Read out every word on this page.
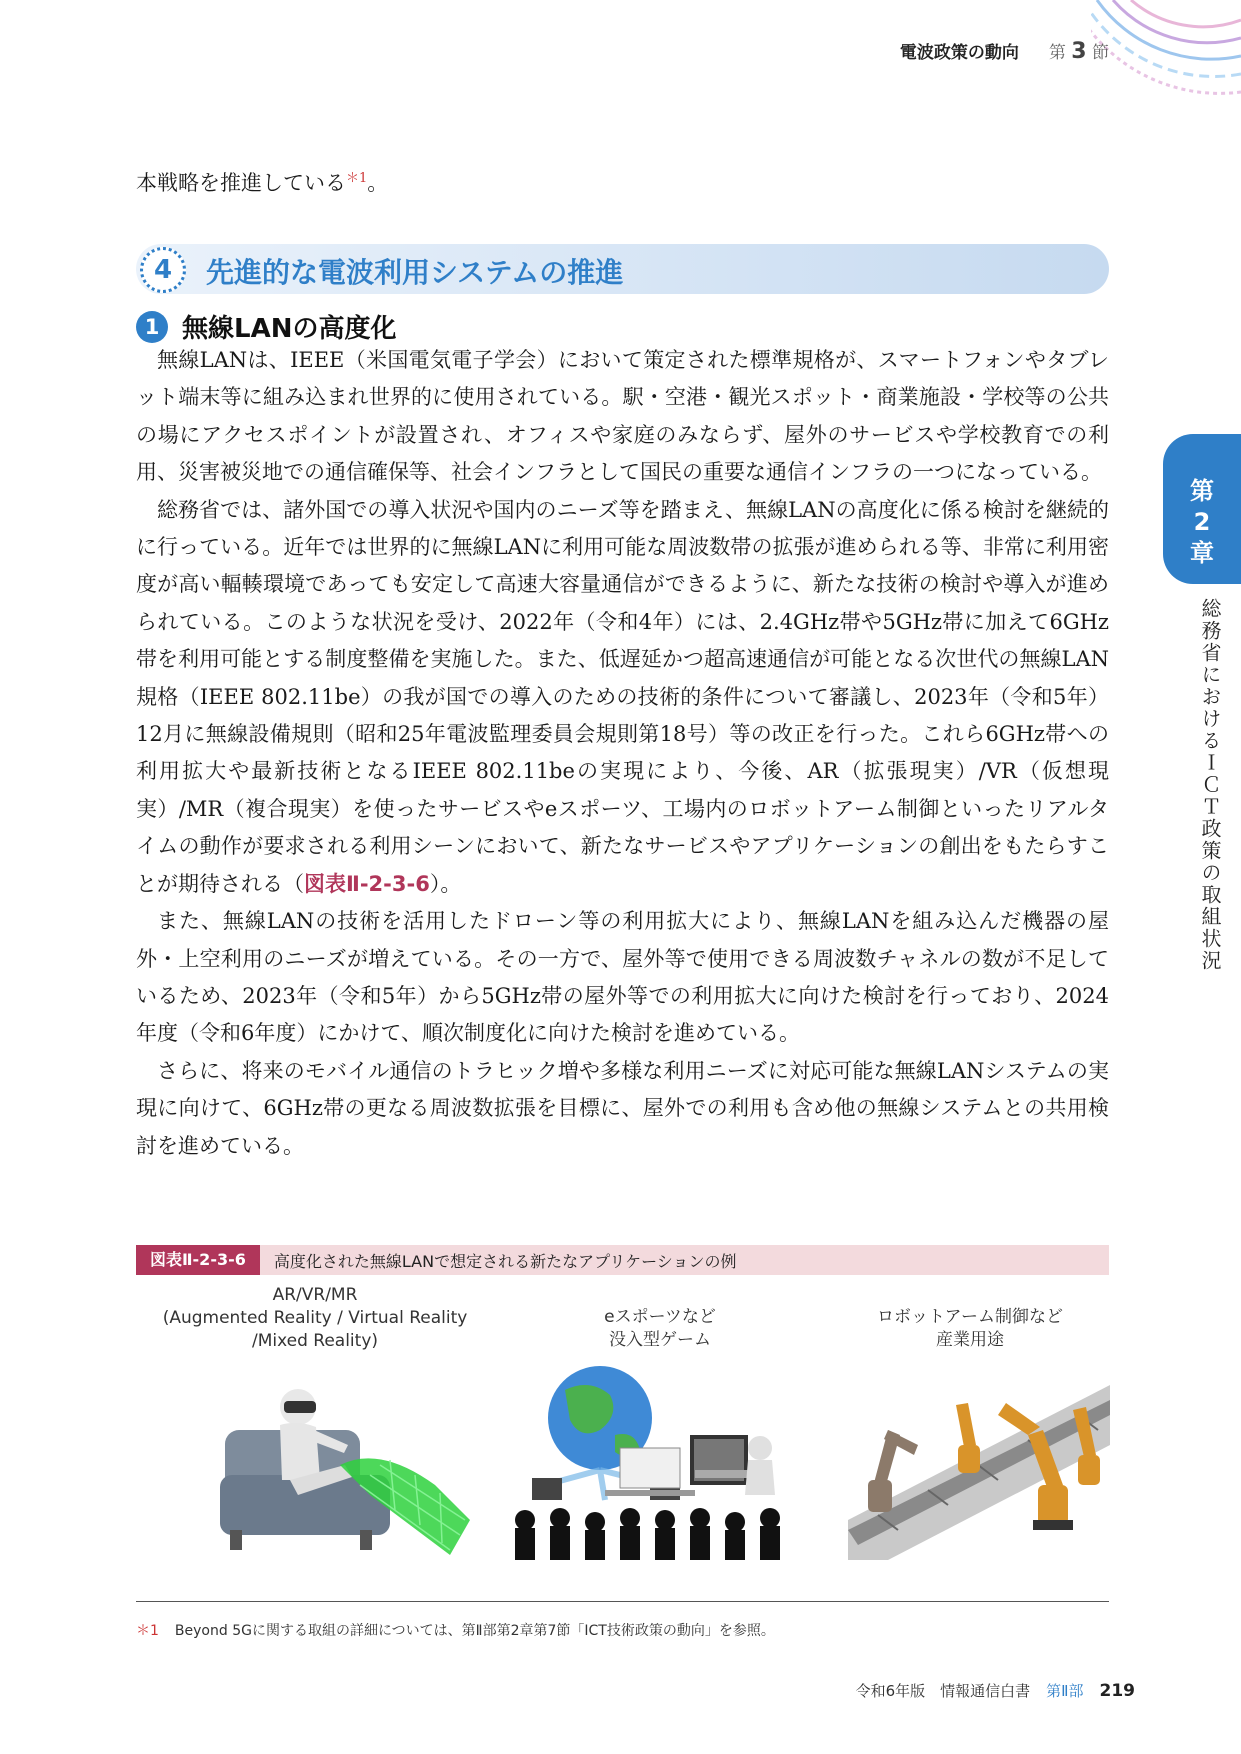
電波政策の動向 第 3 節
第
2
章
総務省におけるＩＣＴ政策の取組状況

本戦略を推進している$^{*1}$。

4	先進的な電波利用システムの推進
1 無線LANの高度化

無線LANは、IEEE（米国電気電子学会）において策定された標準規格が、スマートフォンやタブレット端末等に組み込まれ世界的に使用されている。駅・空港・観光スポット・商業施設・学校等の公共の場にアクセスポイントが設置され、オフィスや家庭のみならず、屋外のサービスや学校教育での利用、災害被災地での通信確保等、社会インフラとして国民の重要な通信インフラの一つになっている。

総務省では、諸外国での導入状況や国内のニーズ等を踏まえ、無線LANの高度化に係る検討を継続的に行っている。近年では世界的に無線LANに利用可能な周波数帯の拡張が進められる等、非常に利用密度が高い輻輳環境であっても安定して高速大容量通信ができるように、新たな技術の検討や導入が進められている。このような状況を受け、2022年（令和4年）には、2.4GHz帯や5GHz帯に加えて6GHz帯を利用可能とする制度整備を実施した。また、低遅延かつ超高速通信が可能となる次世代の無線LAN規格（IEEE 802.11be）の我が国での導入のための技術的条件について審議し、2023年（令和5年）12月に無線設備規則（昭和25年電波監理委員会規則第18号）等の改正を行った。これら6GHz帯への利用拡大や最新技術となるIEEE 802.11beの実現により、今後、AR（拡張現実）/VR（仮想現実）/MR（複合現実）を使ったサービスやeスポーツ、工場内のロボットアーム制御といったリアルタイムの動作が要求される利用シーンにおいて、新たなサービスやアプリケーションの創出をもたらすことが期待される（図表Ⅱ-2-3-6）。

また、無線LANの技術を活用したドローン等の利用拡大により、無線LANを組み込んだ機器の屋外・上空利用のニーズが増えている。その一方で、屋外等で使用できる周波数チャネルの数が不足しているため、2023年（令和5年）から5GHz帯の屋外等での利用拡大に向けた検討を行っており、2024年度（令和6年度）にかけて、順次制度化に向けた検討を進めている。

さらに、将来のモバイル通信のトラヒック増や多様な利用ニーズに対応可能な無線LANシステムの実現に向けて、6GHz帯の更なる周波数拡張を目標に、屋外での利用も含め他の無線システムとの共用検討を進めている。

図表Ⅱ-2-3-6	高度化された無線LANで想定される新たなアプリケーションの例
AR/VR/MR
(Augmented Reality / Virtual Reality
/Mixed Reality)
eスポーツなど
没入型ゲーム
ロボットアーム制御など
産業用途
＊1 Beyond 5Gに関する取組の詳細については、第Ⅱ部第2章第7節「ICT技術政策の動向」を参照。
令和6年版　情報通信白書 第Ⅱ部 219
